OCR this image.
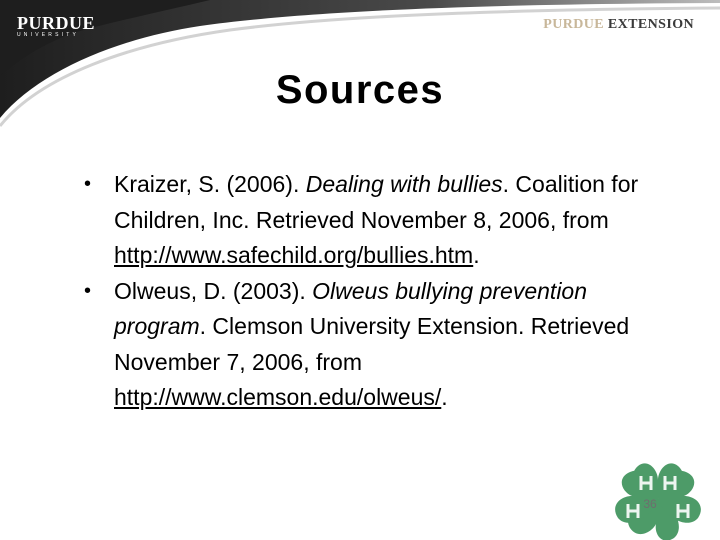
PURDUE
UNIVERSITY
PURDUE EXTENSION
Sources
• Kraizer, S. (2006). Dealing with bullies. Coalition for Children, Inc. Retrieved November 8, 2006, from http://www.safechild.org/bullies.htm.
• Olweus, D. (2003). Olweus bullying prevention program. Clemson University Extension. Retrieved November 7, 2006, from http://www.clemson.edu/olweus/.
36
